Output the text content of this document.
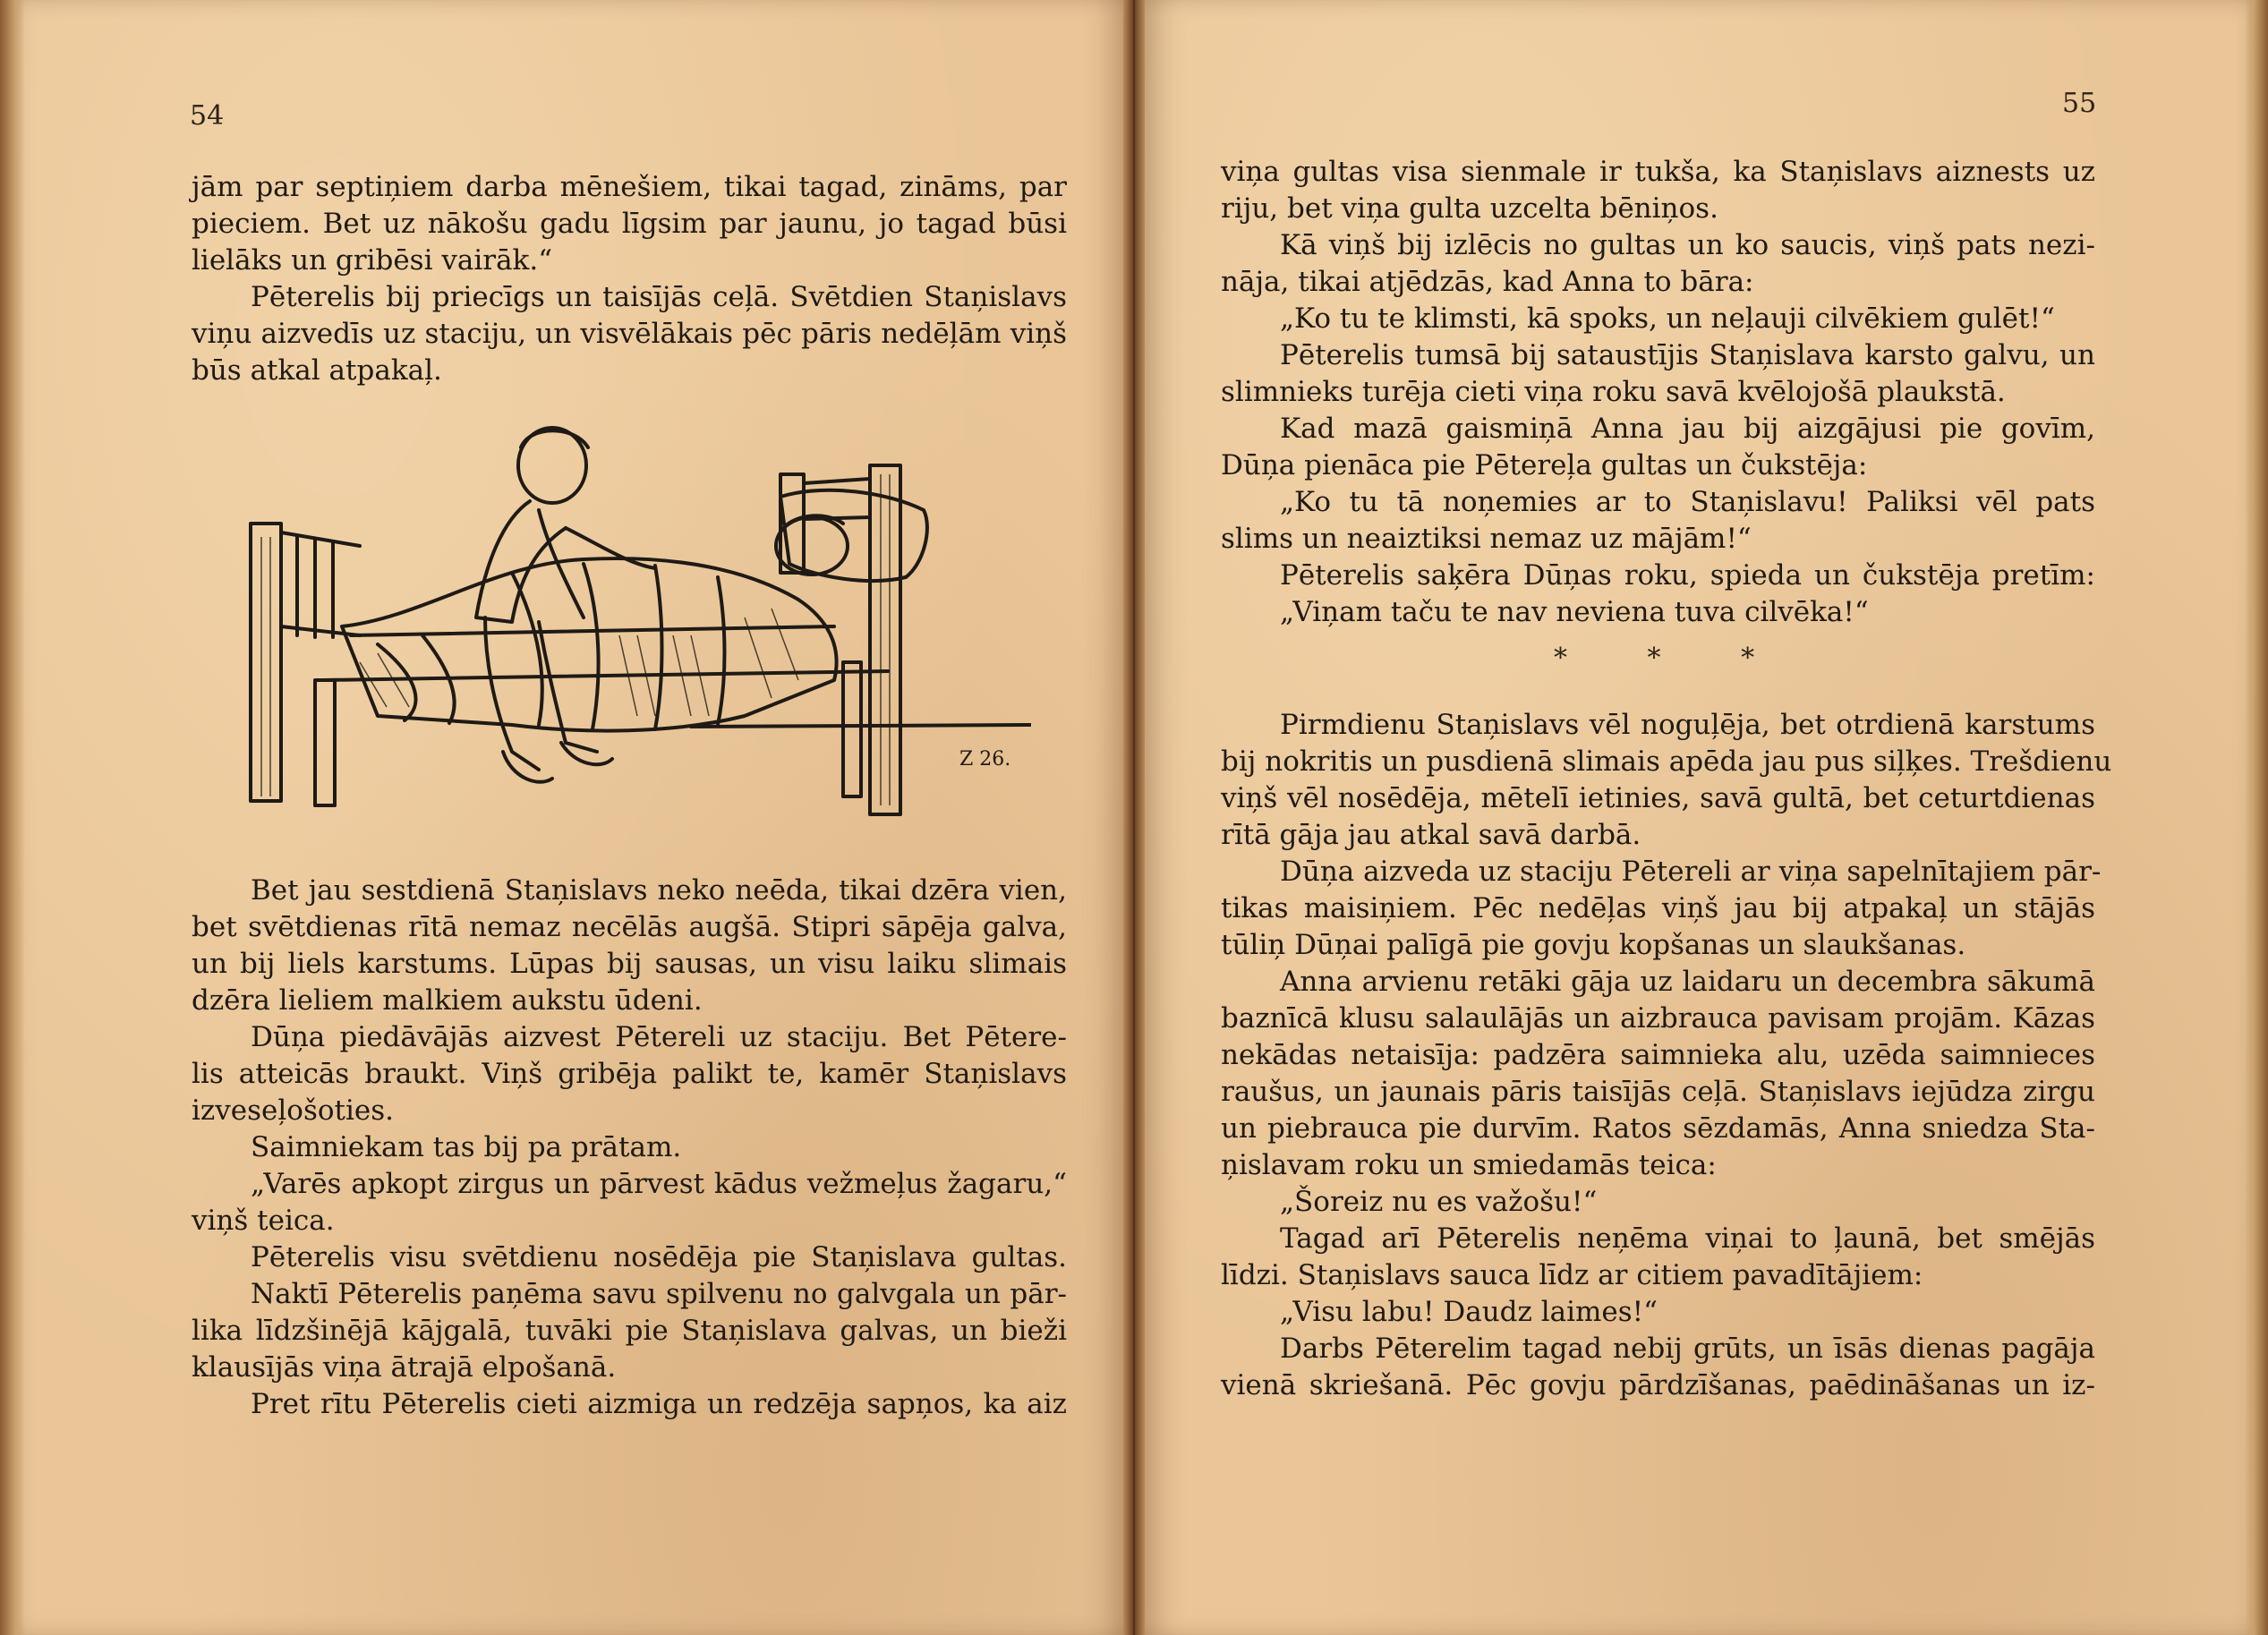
54
jām par septiņiem darba mēnešiem, tikai tagad, zināms, par
pieciem. Bet uz nākošu gadu līgsim par jaunu, jo tagad būsi
lielāks un gribēsi vairāk.“
Pēterelis bij priecīgs un taisījās ceļā. Svētdien Staņislavs
viņu aizvedīs uz staciju, un visvēlākais pēc pāris nedēļām viņš
būs atkal atpakaļ.
Z 26.
Bet jau sestdienā Staņislavs neko neēda, tikai dzēra vien,
bet svētdienas rītā nemaz necēlās augšā. Stipri sāpēja galva,
un bij liels karstums. Lūpas bij sausas, un visu laiku slimais
dzēra lieliem malkiem aukstu ūdeni.
Dūņa piedāvājās aizvest Pētereli uz staciju. Bet Pētere-
lis atteicās braukt. Viņš gribēja palikt te, kamēr Staņislavs
izveseļošoties.
Saimniekam tas bij pa prātam.
„Varēs apkopt zirgus un pārvest kādus vežmeļus žagaru,“
viņš teica.
Pēterelis visu svētdienu nosēdēja pie Staņislava gultas.
Naktī Pēterelis paņēma savu spilvenu no galvgala un pār-
lika līdzšinējā kājgalā, tuvāki pie Staņislava galvas, un bieži
klausījās viņa ātrajā elpošanā.
Pret rītu Pēterelis cieti aizmiga un redzēja sapņos, ka aiz
55
viņa gultas visa sienmale ir tukša, ka Staņislavs aiznests uz
riju, bet viņa gulta uzcelta bēniņos.
Kā viņš bij izlēcis no gultas un ko saucis, viņš pats nezi-
nāja, tikai atjēdzās, kad Anna to bāra:
„Ko tu te klimsti, kā spoks, un neļauji cilvēkiem gulēt!“
Pēterelis tumsā bij sataustījis Staņislava karsto galvu, un
slimnieks turēja cieti viņa roku savā kvēlojošā plaukstā.
Kad mazā gaismiņā Anna jau bij aizgājusi pie govīm,
Dūņa pienāca pie Pētereļa gultas un čukstēja:
„Ko tu tā noņemies ar to Staņislavu! Paliksi vēl pats
slims un neaiztiksi nemaz uz mājām!“
Pēterelis saķēra Dūņas roku, spieda un čukstēja pretīm:
„Viņam taču te nav neviena tuva cilvēka!“
* * *
Pirmdienu Staņislavs vēl noguļēja, bet otrdienā karstums
bij nokritis un pusdienā slimais apēda jau pus siļķes. Trešdienu
viņš vēl nosēdēja, mētelī ietinies, savā gultā, bet ceturtdienas
rītā gāja jau atkal savā darbā.
Dūņa aizveda uz staciju Pētereli ar viņa sapelnītajiem pār-
tikas maisiņiem. Pēc nedēļas viņš jau bij atpakaļ un stājās
tūliņ Dūņai palīgā pie govju kopšanas un slaukšanas.
Anna arvienu retāki gāja uz laidaru un decembra sākumā
baznīcā klusu salaulājās un aizbrauca pavisam projām. Kāzas
nekādas netaisīja: padzēra saimnieka alu, uzēda saimnieces
raušus, un jaunais pāris taisījās ceļā. Staņislavs iejūdza zirgu
un piebrauca pie durvīm. Ratos sēzdamās, Anna sniedza Sta-
ņislavam roku un smiedamās teica:
„Šoreiz nu es važošu!“
Tagad arī Pēterelis neņēma viņai to ļaunā, bet smējās
līdzi. Staņislavs sauca līdz ar citiem pavadītājiem:
„Visu labu! Daudz laimes!“
Darbs Pēterelim tagad nebij grūts, un īsās dienas pagāja
vienā skriešanā. Pēc govju pārdzīšanas, paēdināšanas un iz-
